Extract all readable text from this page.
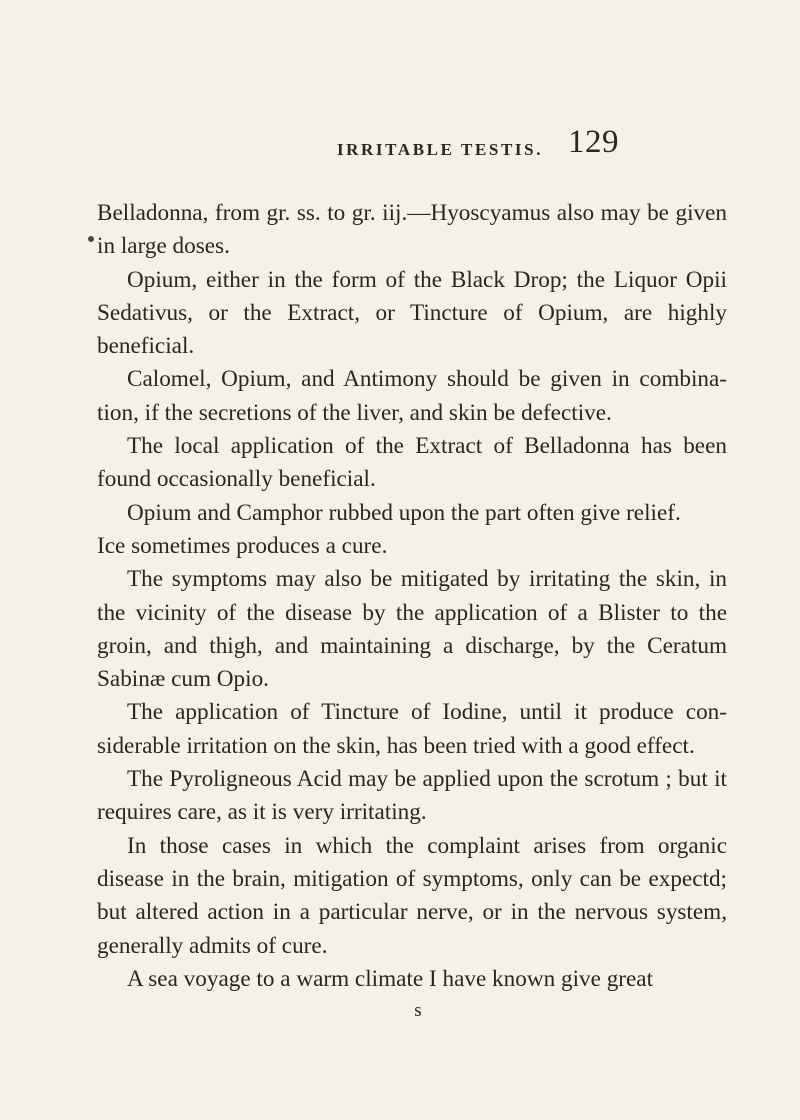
IRRITABLE TESTIS. 129

Belladonna, from gr. ss. to gr. iij.—Hyoscyamus also may be given in large doses.

Opium, either in the form of the Black Drop; the Liquor Opii Sedativus, or the Extract, or Tincture of Opium, are highly beneficial.

Calomel, Opium, and Antimony should be given in combina-tion, if the secretions of the liver, and skin be defective.

The local application of the Extract of Belladonna has been found occasionally beneficial.

Opium and Camphor rubbed upon the part often give relief.

Ice sometimes produces a cure.

The symptoms may also be mitigated by irritating the skin, in the vicinity of the disease by the application of a Blister to the groin, and thigh, and maintaining a discharge, by the Ceratum Sabinæ cum Opio.

The application of Tincture of Iodine, until it produce con-siderable irritation on the skin, has been tried with a good effect.

The Pyroligneous Acid may be applied upon the scrotum ; but it requires care, as it is very irritating.

In those cases in which the complaint arises from organic disease in the brain, mitigation of symptoms, only can be expectd; but altered action in a particular nerve, or in the nervous system, generally admits of cure.

A sea voyage to a warm climate I have known give great

s
